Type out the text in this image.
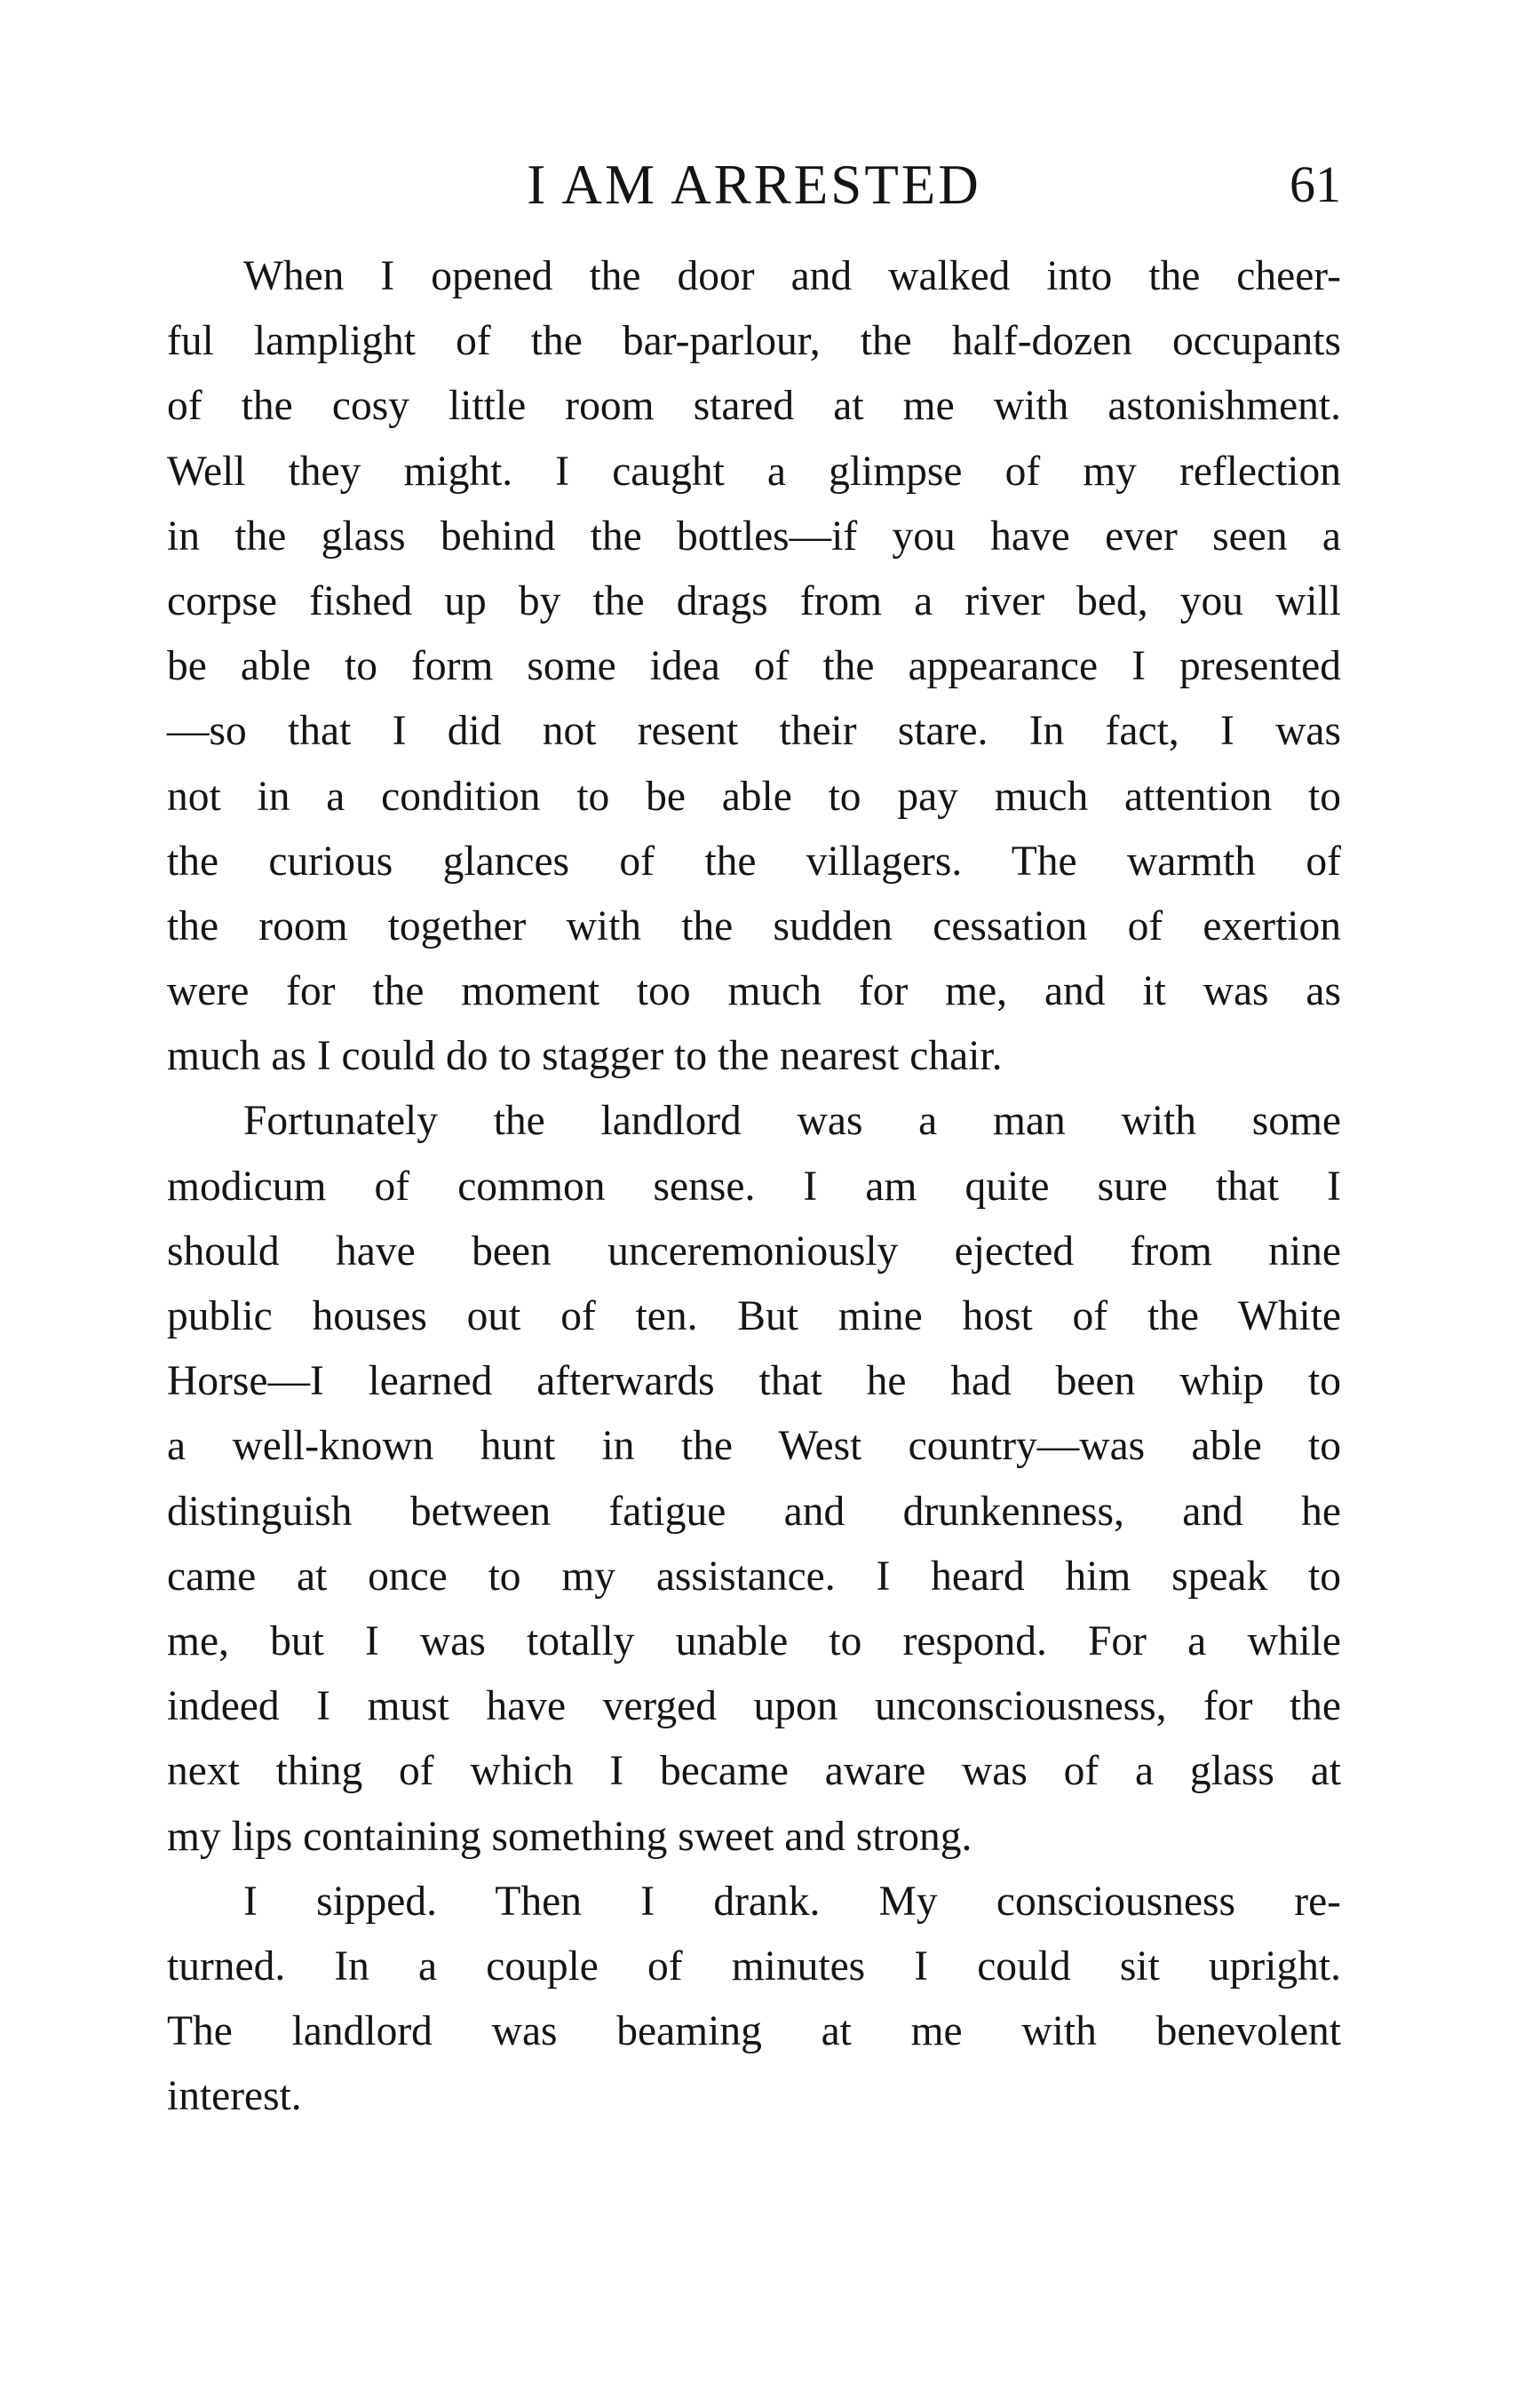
I AM ARRESTED	61

When I opened the door and walked into the cheer-
ful lamplight of the bar-parlour, the half-dozen occupants
of the cosy little room stared at me with astonishment.
Well they might. I caught a glimpse of my reflection
in the glass behind the bottles—if you have ever seen a
corpse fished up by the drags from a river bed, you will
be able to form some idea of the appearance I presented
—so that I did not resent their stare. In fact, I was
not in a condition to be able to pay much attention to
the curious glances of the villagers. The warmth of
the room together with the sudden cessation of exertion
were for the moment too much for me, and it was as
much as I could do to stagger to the nearest chair.

Fortunately the landlord was a man with some
modicum of common sense. I am quite sure that I
should have been unceremoniously ejected from nine
public houses out of ten. But mine host of the White
Horse—I learned afterwards that he had been whip to
a well-known hunt in the West country—was able to
distinguish between fatigue and drunkenness, and he
came at once to my assistance. I heard him speak to
me, but I was totally unable to respond. For a while
indeed I must have verged upon unconsciousness, for the
next thing of which I became aware was of a glass at
my lips containing something sweet and strong.

I sipped. Then I drank. My consciousness re-
turned. In a couple of minutes I could sit upright.
The landlord was beaming at me with benevolent
interest.
